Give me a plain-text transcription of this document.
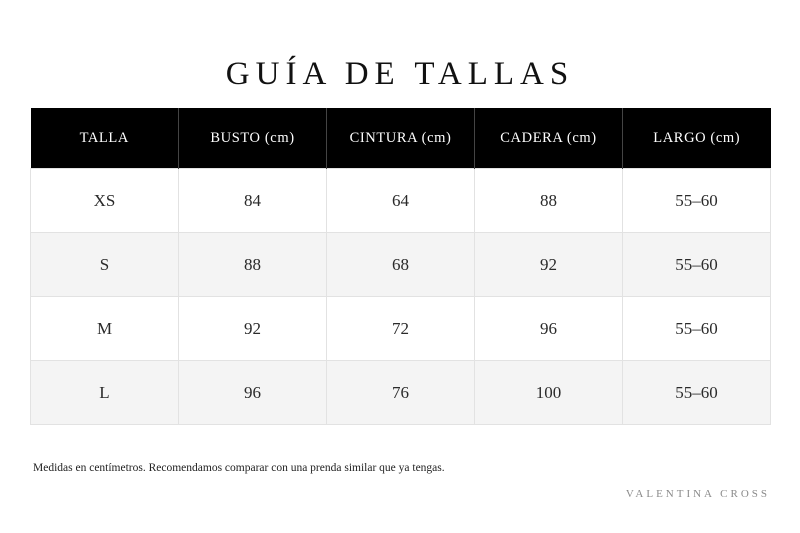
GUÍA DE TALLAS
TALLA	BUSTO (cm)	CINTURA (cm)	CADERA (cm)	LARGO (cm)
XS	84	64	88	55–60
S	88	68	92	55–60
M	92	72	96	55–60
L	96	76	100	55–60
Medidas en centímetros. Recomendamos comparar con una prenda similar que ya tengas.
VALENTINA CROSS
